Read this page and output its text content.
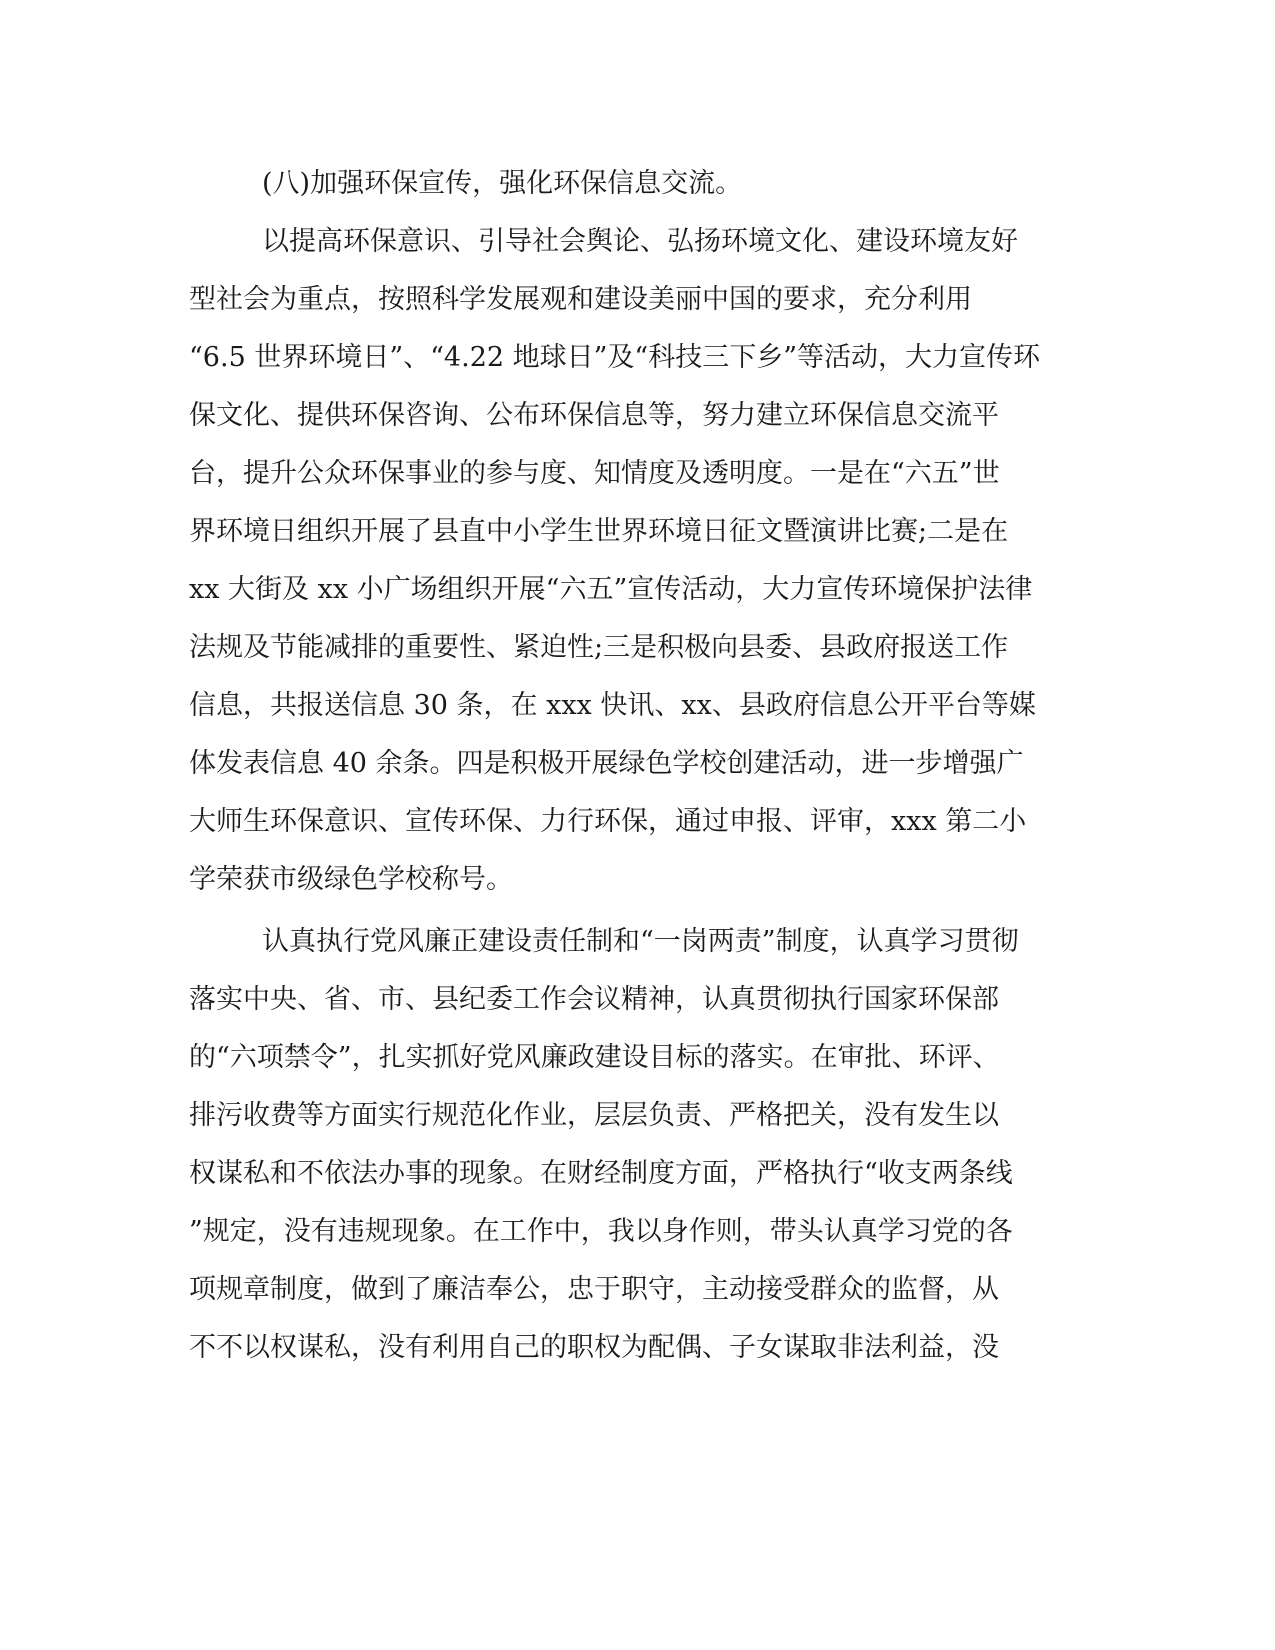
(八)加强环保宣传，强化环保信息交流。
以提高环保意识、引导社会舆论、弘扬环境文化、建设环境友好
型社会为重点，按照科学发展观和建设美丽中国的要求，充分利用
“6.5 世界环境日”、“4.22 地球日”及“科技三下乡”等活动，大力宣传环
保文化、提供环保咨询、公布环保信息等，努力建立环保信息交流平
台，提升公众环保事业的参与度、知情度及透明度。一是在“六五”世
界环境日组织开展了县直中小学生世界环境日征文暨演讲比赛;二是在
xx 大街及 xx 小广场组织开展“六五”宣传活动，大力宣传环境保护法律
法规及节能减排的重要性、紧迫性;三是积极向县委、县政府报送工作
信息，共报送信息 30 条，在 xxx 快讯、xx、县政府信息公开平台等媒
体发表信息 40 余条。四是积极开展绿色学校创建活动，进一步增强广
大师生环保意识、宣传环保、力行环保，通过申报、评审，xxx 第二小
学荣获市级绿色学校称号。
认真执行党风廉正建设责任制和“一岗两责”制度，认真学习贯彻
落实中央、省、市、县纪委工作会议精神，认真贯彻执行国家环保部
的“六项禁令”，扎实抓好党风廉政建设目标的落实。在审批、环评、
排污收费等方面实行规范化作业，层层负责、严格把关，没有发生以
权谋私和不依法办事的现象。在财经制度方面，严格执行“收支两条线
”规定，没有违规现象。在工作中，我以身作则，带头认真学习党的各
项规章制度，做到了廉洁奉公，忠于职守，主动接受群众的监督，从
不不以权谋私，没有利用自己的职权为配偶、子女谋取非法利益，没
